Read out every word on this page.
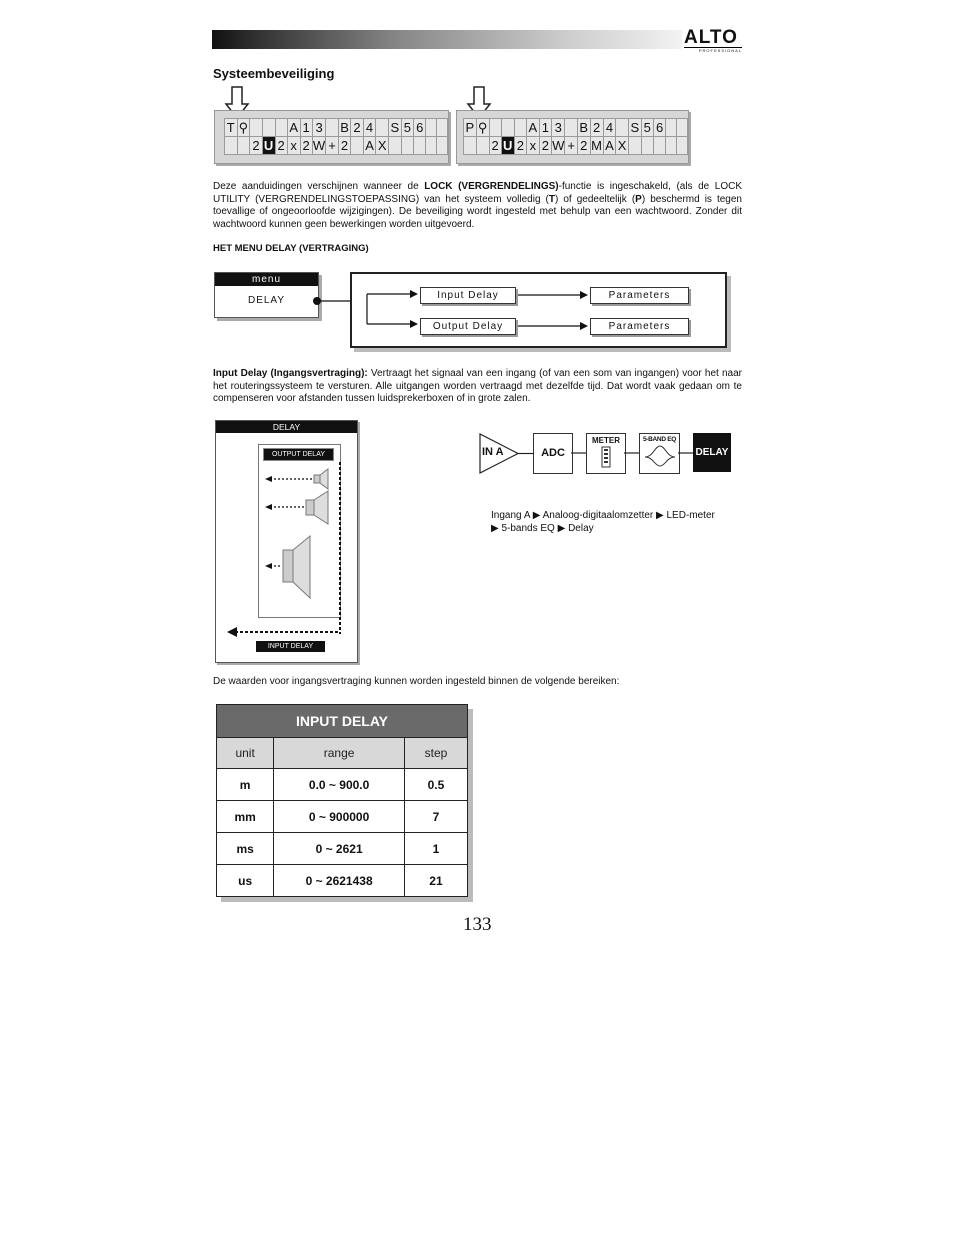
ALTO
PROFESSIONAL
Systeembeveiliging
T	⚲				A	1	3		B	2	4		S	5	6		
		2	U	2	x	2	W	+	2		A	X					
P	⚲				A	1	3		B	2	4		S	5	6		
		2	U	2	x	2	W	+	2	M	A	X					

Deze aanduidingen verschijnen wanneer de LOCK (VERGRENDELINGS)-functie is ingeschakeld, (als de LOCK UTILITY (VERGRENDELINGSTOEPASSING) van het systeem volledig (T) of gedeeltelijk (P) beschermd is tegen toevallige of ongeoorloofde wijzigingen). De beveiliging wordt ingesteld met behulp van een wachtwoord. Zonder dit wachtwoord kunnen geen bewerkingen worden uitgevoerd.

HET MENU DELAY (VERTRAGING)
menu
DELAY	Input Delay
Output Delay
Parameters
Parameters

Input Delay (Ingangsvertraging): Vertraagt het signaal van een ingang (of van een som van ingangen) voor het naar het routeringssysteem te versturen. Alle uitgangen worden vertraagd met dezelfde tijd. Dat wordt vaak gedaan om te compenseren voor afstanden tussen luidsprekerboxen of in grote zalen.

DELAY
OUTPUT DELAY
INPUT DELAY
IN A	ADC
METER	5-BAND EQ
DELAY

Ingang A ▶ Analoog-digitaalomzetter ▶ LED-meter ▶ 5-bands EQ ▶ Delay

De waarden voor ingangsvertraging kunnen worden ingesteld binnen de volgende bereiken:

INPUT DELAY		
unit	range	step
m	0.0 ~ 900.0	0.5
mm	0 ~ 900000	7
ms	0 ~ 2621	1
us	0 ~ 2621438	21
133
